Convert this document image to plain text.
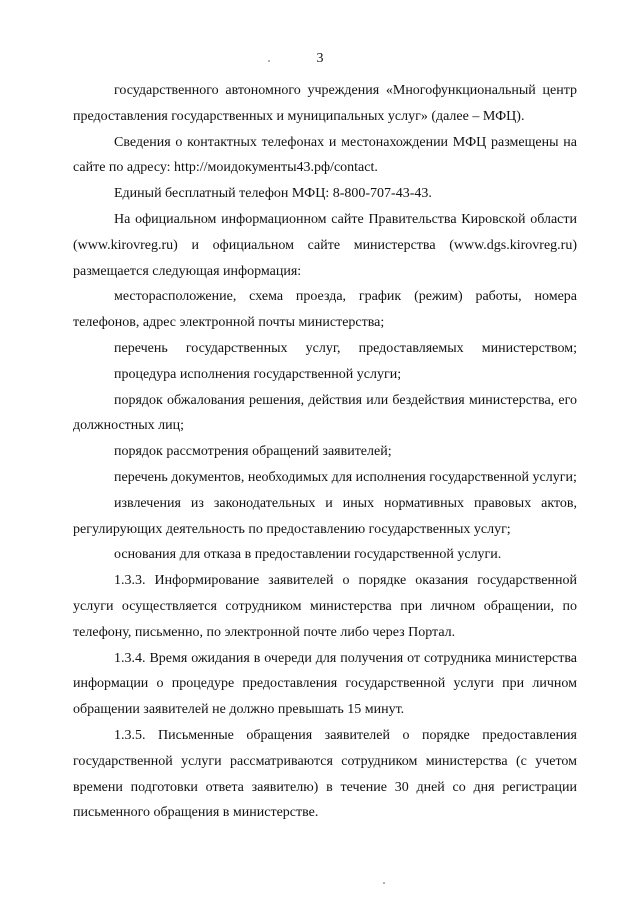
3

государственного автономного учреждения «Многофункциональный центр предоставления государственных и муниципальных услуг» (далее – МФЦ).

Сведения о контактных телефонах и местонахождении МФЦ размещены на сайте по адресу: http://моидокументы43.рф/contact.

Единый бесплатный телефон МФЦ: 8-800-707-43-43.

На официальном информационном сайте Правительства Кировской области (www.kirovreg.ru) и официальном сайте министерства (www.dgs.kirovreg.ru) размещается следующая информация:

месторасположение, схема проезда, график (режим) работы, номера телефонов, адрес электронной почты министерства;

перечень государственных услуг, предоставляемых министерством;

процедура исполнения государственной услуги;

порядок обжалования решения, действия или бездействия министерства, его должностных лиц;

порядок рассмотрения обращений заявителей;

перечень документов, необходимых для исполнения государственной услуги;

извлечения из законодательных и иных нормативных правовых актов, регулирующих деятельность по предоставлению государственных услуг;

основания для отказа в предоставлении государственной услуги.

1.3.3. Информирование заявителей о порядке оказания государственной услуги осуществляется сотрудником министерства при личном обращении, по телефону, письменно, по электронной почте либо через Портал.

1.3.4. Время ожидания в очереди для получения от сотрудника министерства информации о процедуре предоставления государственной услуги при личном обращении заявителей не должно превышать 15 минут.

1.3.5. Письменные обращения заявителей о порядке предоставления государственной услуги рассматриваются сотрудником министерства (с учетом времени подготовки ответа заявителю) в течение 30 дней со дня регистрации письменного обращения в министерстве.
